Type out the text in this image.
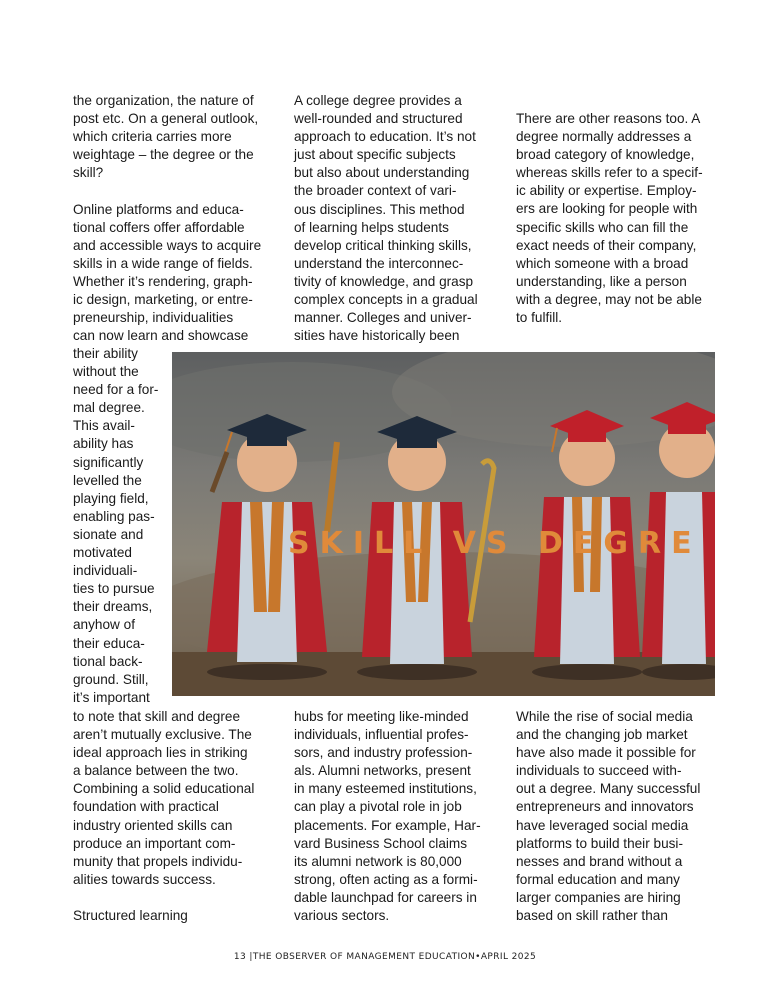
the organization, the nature of
post etc. On a general outlook,
which criteria carries more
weightage – the degree or the
skill?
Online platforms and educa-
tional coffers offer affordable
and accessible ways to acquire
skills in a wide range of fields.
Whether it’s rendering, graph-
ic design, marketing, or entre-
preneurship, individualities
can now learn and showcase
their ability
without the
need for a for-
mal degree.
This avail-
ability has
significantly
levelled the
playing field,
enabling pas-
sionate and
motivated
individuali-
ties to pursue
their dreams,
anyhow of
their educa-
tional back-
ground. Still,
it’s important
to note that skill and degree
aren’t mutually exclusive. The
ideal approach lies in striking
a balance between the two.
Combining a solid educational
foundation with practical
industry oriented skills can
produce an important com-
munity that propels individu-
alities towards success.
Structured learning
A college degree provides a
well-rounded and structured
approach to education. It’s not
just about specific subjects
but also about understanding
the broader context of vari-
ous disciplines. This method
of learning helps students
develop critical thinking skills,
understand the interconnec-
tivity of knowledge, and grasp
complex concepts in a gradual
manner. Colleges and univer-
sities have historically been
hubs for meeting like-minded
individuals, influential profes-
sors, and industry profession-
als. Alumni networks, present
in many esteemed institutions,
can play a pivotal role in job
placements. For example, Har-
vard Business School claims
its alumni network is 80,000
strong, often acting as a formi-
dable launchpad for careers in
various sectors.
There are other reasons too. A
degree normally addresses a
broad category of knowledge,
whereas skills refer to a specif-
ic ability or expertise. Employ-
ers are looking for people with
specific skills who can fill the
exact needs of their company,
which someone with a broad
understanding, like a person
with a degree, may not be able
to fulfill.
While the rise of social media
and the changing job market
have also made it possible for
individuals to succeed with-
out a degree. Many successful
entrepreneurs and innovators
have leveraged social media
platforms to build their busi-
nesses and brand without a
formal education and many
larger companies are hiring
based on skill rather than
SKILL VS DEGRE
13 |THE OBSERVER OF MANAGEMENT EDUCATION•APRIL 2025
